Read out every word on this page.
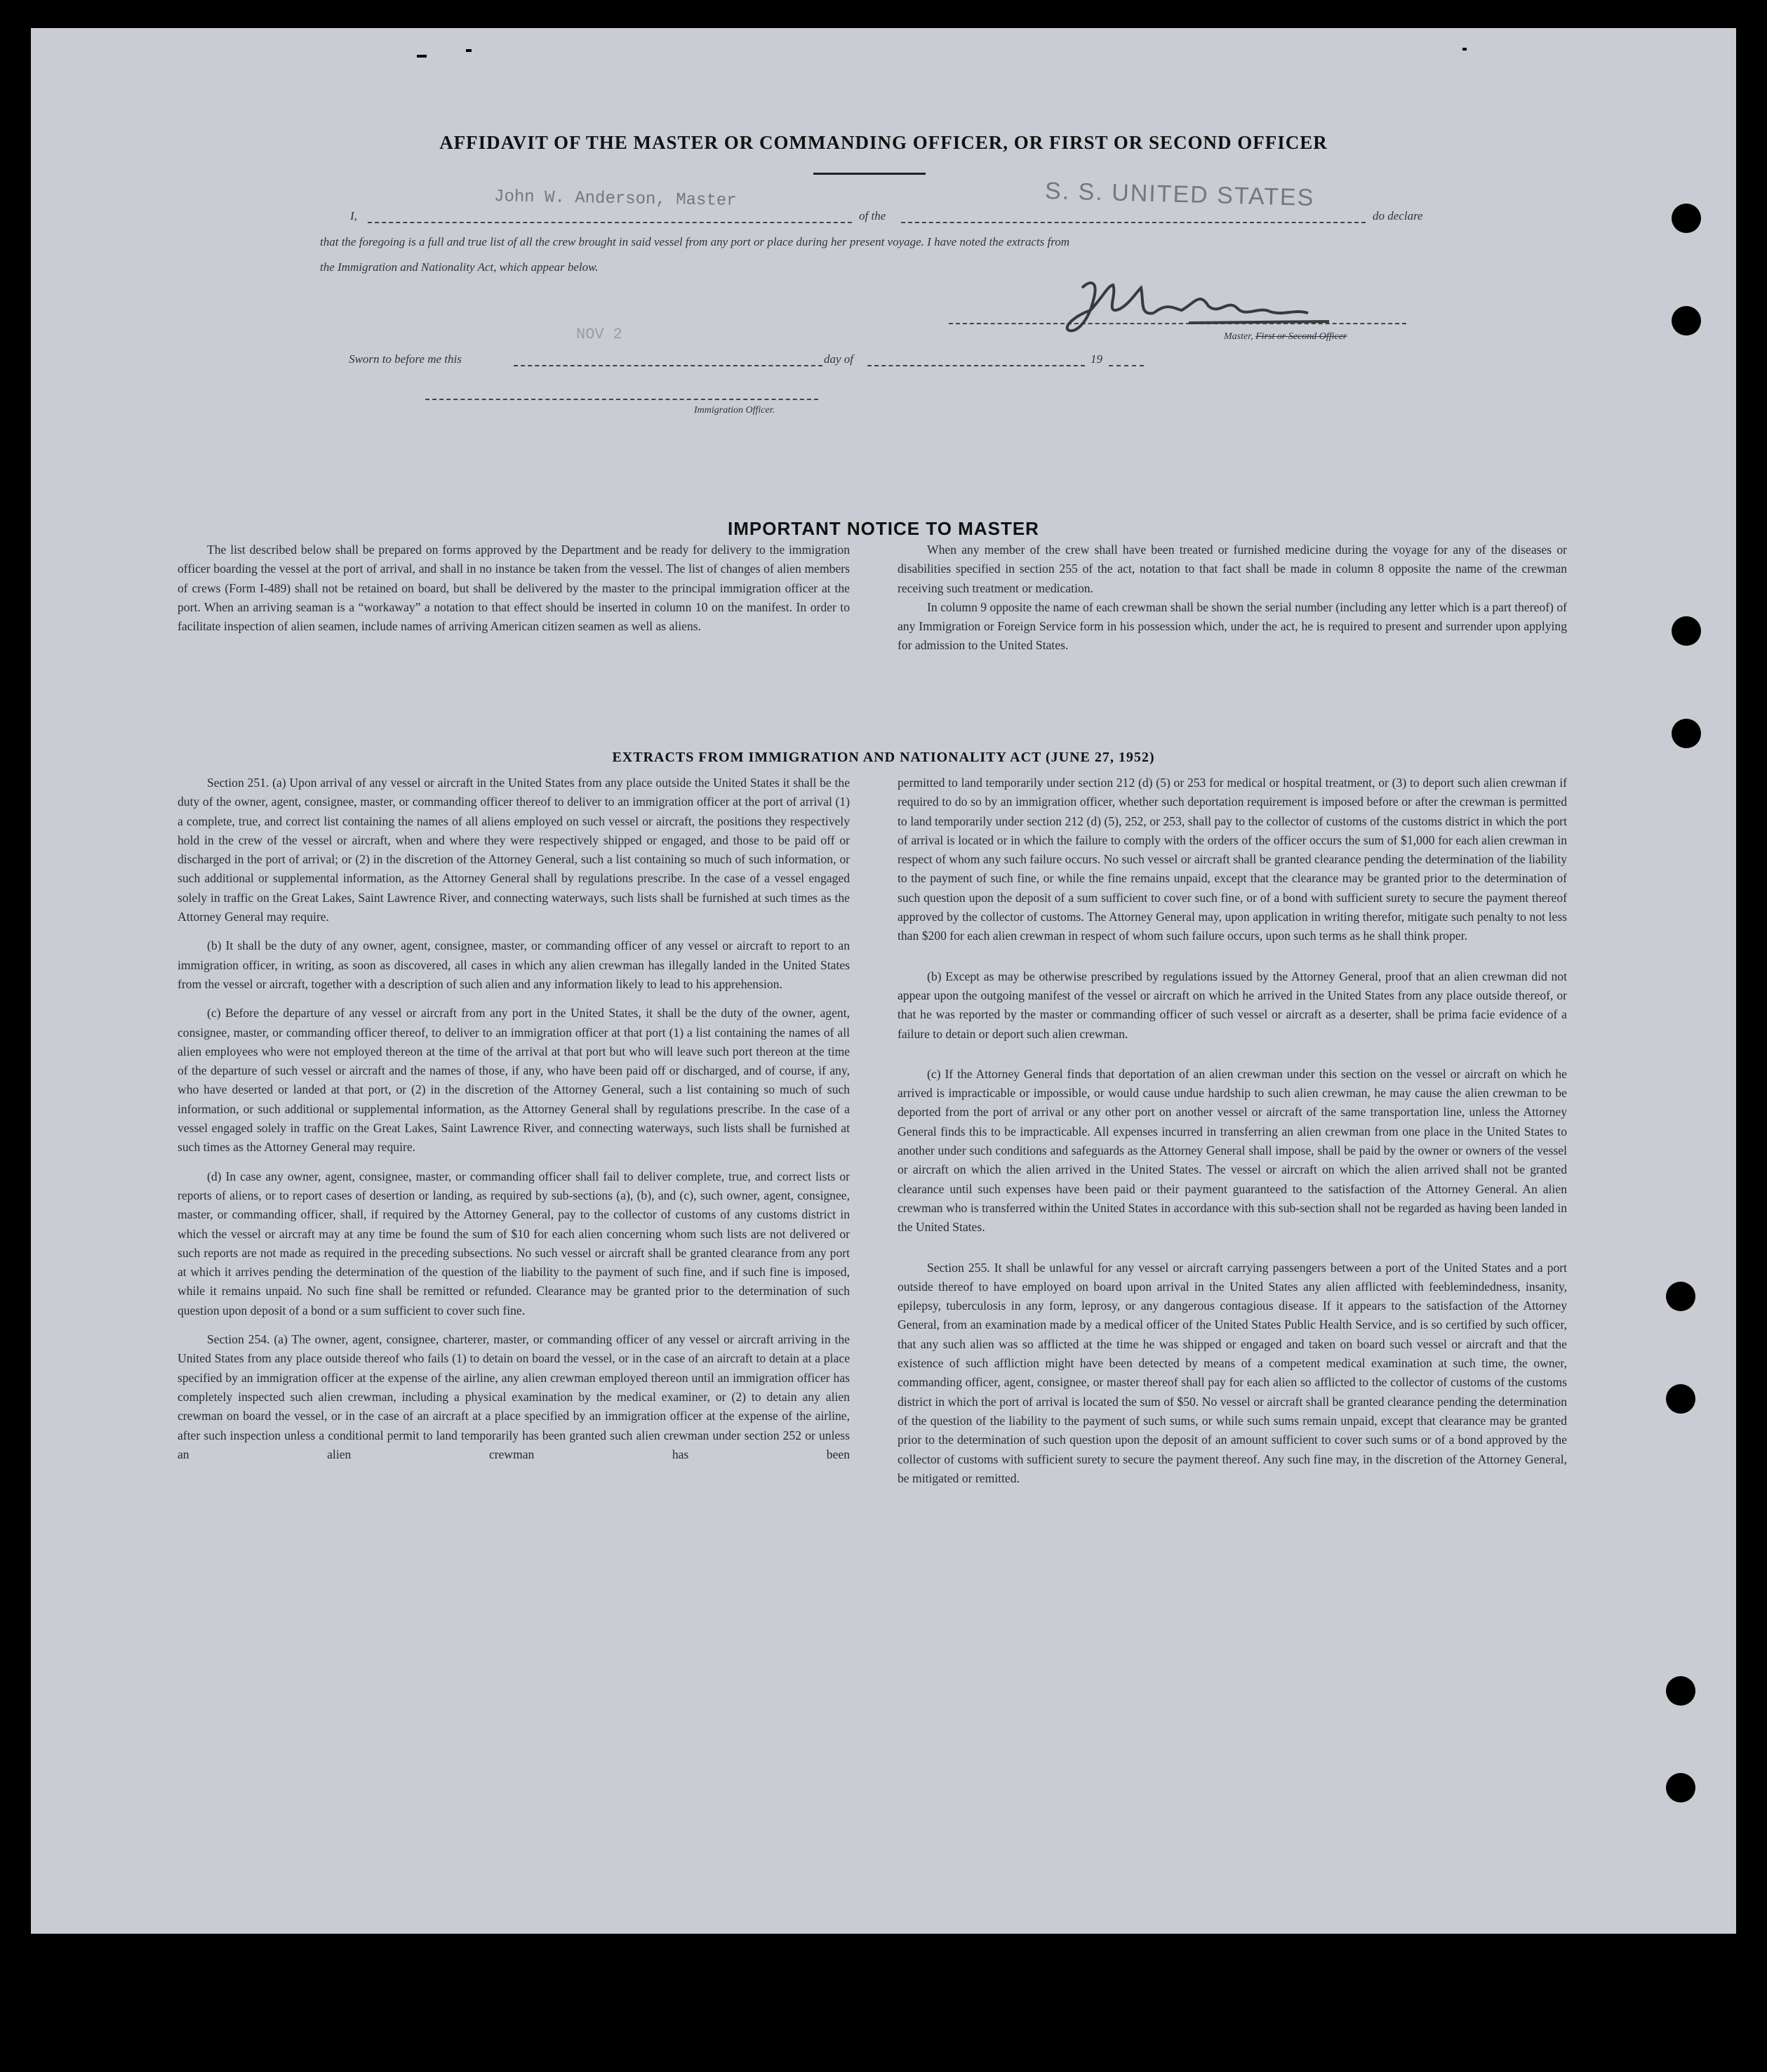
AFFIDAVIT OF THE MASTER OR COMMANDING OFFICER, OR FIRST OR SECOND OFFICER
John W. Anderson, Master	S. S. UNITED STATES
I,	of the	do declare
that the foregoing is a full and true list of all the crew brought in said vessel from any port or place during her present voyage. I have noted the extracts from
the Immigration and Nationality Act, which appear below.
Master, First or Second Officer
Sworn to before me this
NOV 2
day of	19
Immigration Officer.
IMPORTANT NOTICE TO MASTER

The list described below shall be prepared on forms approved by the Department and be ready for delivery to the immigration officer boarding the vessel at the port of arrival, and shall in no instance be taken from the vessel. The list of changes of alien members of crews (Form I-489) shall not be retained on board, but shall be delivered by the master to the principal immigration officer at the port. When an arriving seaman is a “workaway” a notation to that effect should be inserted in column 10 on the manifest. In order to facilitate inspection of alien seamen, include names of arriving American citizen seamen as well as aliens.

When any member of the crew shall have been treated or furnished medicine during the voyage for any of the diseases or disabilities specified in section 255 of the act, notation to that fact shall be made in column 8 opposite the name of the crewman receiving such treatment or medication.

In column 9 opposite the name of each crewman shall be shown the serial number (including any letter which is a part thereof) of any Immigration or Foreign Service form in his possession which, under the act, he is required to present and surrender upon applying for admission to the United States.

EXTRACTS FROM IMMIGRATION AND NATIONALITY ACT (JUNE 27, 1952)

Section 251. (a) Upon arrival of any vessel or aircraft in the United States from any place outside the United States it shall be the duty of the owner, agent, consignee, master, or commanding officer thereof to deliver to an immigration officer at the port of arrival (1) a complete, true, and correct list containing the names of all aliens employed on such vessel or aircraft, the positions they respectively hold in the crew of the vessel or aircraft, when and where they were respectively shipped or engaged, and those to be paid off or discharged in the port of arrival; or (2) in the discretion of the Attorney General, such a list containing so much of such information, or such additional or supplemental information, as the Attorney General shall by regulations prescribe. In the case of a vessel engaged solely in traffic on the Great Lakes, Saint Lawrence River, and connecting waterways, such lists shall be furnished at such times as the Attorney General may require.

(b) It shall be the duty of any owner, agent, consignee, master, or commanding officer of any vessel or aircraft to report to an immigration officer, in writing, as soon as discovered, all cases in which any alien crewman has illegally landed in the United States from the vessel or aircraft, together with a description of such alien and any information likely to lead to his apprehension.

(c) Before the departure of any vessel or aircraft from any port in the United States, it shall be the duty of the owner, agent, consignee, master, or commanding officer thereof, to deliver to an immigration officer at that port (1) a list containing the names of all alien employees who were not employed thereon at the time of the arrival at that port but who will leave such port thereon at the time of the departure of such vessel or aircraft and the names of those, if any, who have been paid off or discharged, and of course, if any, who have deserted or landed at that port, or (2) in the discretion of the Attorney General, such a list containing so much of such information, or such additional or supplemental information, as the Attorney General shall by regulations prescribe. In the case of a vessel engaged solely in traffic on the Great Lakes, Saint Lawrence River, and connecting waterways, such lists shall be furnished at such times as the Attorney General may require.

(d) In case any owner, agent, consignee, master, or commanding officer shall fail to deliver complete, true, and correct lists or reports of aliens, or to report cases of desertion or landing, as required by sub-sections (a), (b), and (c), such owner, agent, consignee, master, or commanding officer, shall, if required by the Attorney General, pay to the collector of customs of any customs district in which the vessel or aircraft may at any time be found the sum of $10 for each alien concerning whom such lists are not delivered or such reports are not made as required in the preceding subsections. No such vessel or aircraft shall be granted clearance from any port at which it arrives pending the determination of the question of the liability to the payment of such fine, and if such fine is imposed, while it remains unpaid. No such fine shall be remitted or refunded. Clearance may be granted prior to the determination of such question upon deposit of a bond or a sum sufficient to cover such fine.

Section 254. (a) The owner, agent, consignee, charterer, master, or commanding officer of any vessel or aircraft arriving in the United States from any place outside thereof who fails (1) to detain on board the vessel, or in the case of an aircraft to detain at a place specified by an immigration officer at the expense of the airline, any alien crewman employed thereon until an immigration officer has completely inspected such alien crewman, including a physical examination by the medical examiner, or (2) to detain any alien crewman on board the vessel, or in the case of an aircraft at a place specified by an immigration officer at the expense of the airline, after such inspection unless a conditional permit to land temporarily has been granted such alien crewman under section 252 or unless an alien crewman has been

permitted to land temporarily under section 212 (d) (5) or 253 for medical or hospital treatment, or (3) to deport such alien crewman if required to do so by an immigration officer, whether such deportation requirement is imposed before or after the crewman is permitted to land temporarily under section 212 (d) (5), 252, or 253, shall pay to the collector of customs of the customs district in which the port of arrival is located or in which the failure to comply with the orders of the officer occurs the sum of $1,000 for each alien crewman in respect of whom any such failure occurs. No such vessel or aircraft shall be granted clearance pending the determination of the liability to the payment of such fine, or while the fine remains unpaid, except that the clearance may be granted prior to the determination of such question upon the deposit of a sum sufficient to cover such fine, or of a bond with sufficient surety to secure the payment thereof approved by the collector of customs. The Attorney General may, upon application in writing therefor, mitigate such penalty to not less than $200 for each alien crewman in respect of whom such failure occurs, upon such terms as he shall think proper.

(b) Except as may be otherwise prescribed by regulations issued by the Attorney General, proof that an alien crewman did not appear upon the outgoing manifest of the vessel or aircraft on which he arrived in the United States from any place outside thereof, or that he was reported by the master or commanding officer of such vessel or aircraft as a deserter, shall be prima facie evidence of a failure to detain or deport such alien crewman.

(c) If the Attorney General finds that deportation of an alien crewman under this section on the vessel or aircraft on which he arrived is impracticable or impossible, or would cause undue hardship to such alien crewman, he may cause the alien crewman to be deported from the port of arrival or any other port on another vessel or aircraft of the same transportation line, unless the Attorney General finds this to be impracticable. All expenses incurred in transferring an alien crewman from one place in the United States to another under such conditions and safeguards as the Attorney General shall impose, shall be paid by the owner or owners of the vessel or aircraft on which the alien arrived in the United States. The vessel or aircraft on which the alien arrived shall not be granted clearance until such expenses have been paid or their payment guaranteed to the satisfaction of the Attorney General. An alien crewman who is transferred within the United States in accordance with this sub-section shall not be regarded as having been landed in the United States.

Section 255. It shall be unlawful for any vessel or aircraft carrying passengers between a port of the United States and a port outside thereof to have employed on board upon arrival in the United States any alien afflicted with feeblemindedness, insanity, epilepsy, tuberculosis in any form, leprosy, or any dangerous contagious disease. If it appears to the satisfaction of the Attorney General, from an examination made by a medical officer of the United States Public Health Service, and is so certified by such officer, that any such alien was so afflicted at the time he was shipped or engaged and taken on board such vessel or aircraft and that the existence of such affliction might have been detected by means of a competent medical examination at such time, the owner, commanding officer, agent, consignee, or master thereof shall pay for each alien so afflicted to the collector of customs of the customs district in which the port of arrival is located the sum of $50. No vessel or aircraft shall be granted clearance pending the determination of the question of the liability to the payment of such sums, or while such sums remain unpaid, except that clearance may be granted prior to the determination of such question upon the deposit of an amount sufficient to cover such sums or of a bond approved by the collector of customs with sufficient surety to secure the payment thereof. Any such fine may, in the discretion of the Attorney General, be mitigated or remitted.
